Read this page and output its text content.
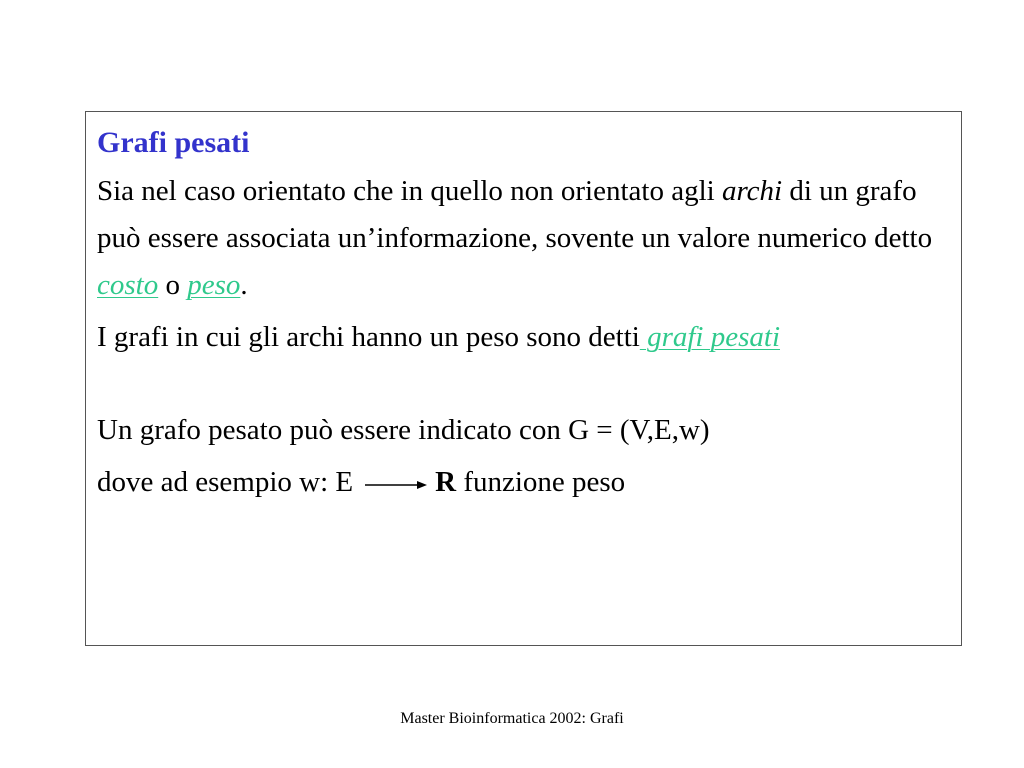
Grafi pesati

Sia nel caso orientato che in quello non orientato agli archi di un grafo può essere associata un’informazione, sovente un valore numerico detto costo o peso.

I grafi in cui gli archi hanno un peso sono detti grafi pesati

Un grafo pesato può essere indicato con G = (V,E,w)

dove ad esempio w: E	R funzione peso

Master Bioinformatica 2002: Grafi
